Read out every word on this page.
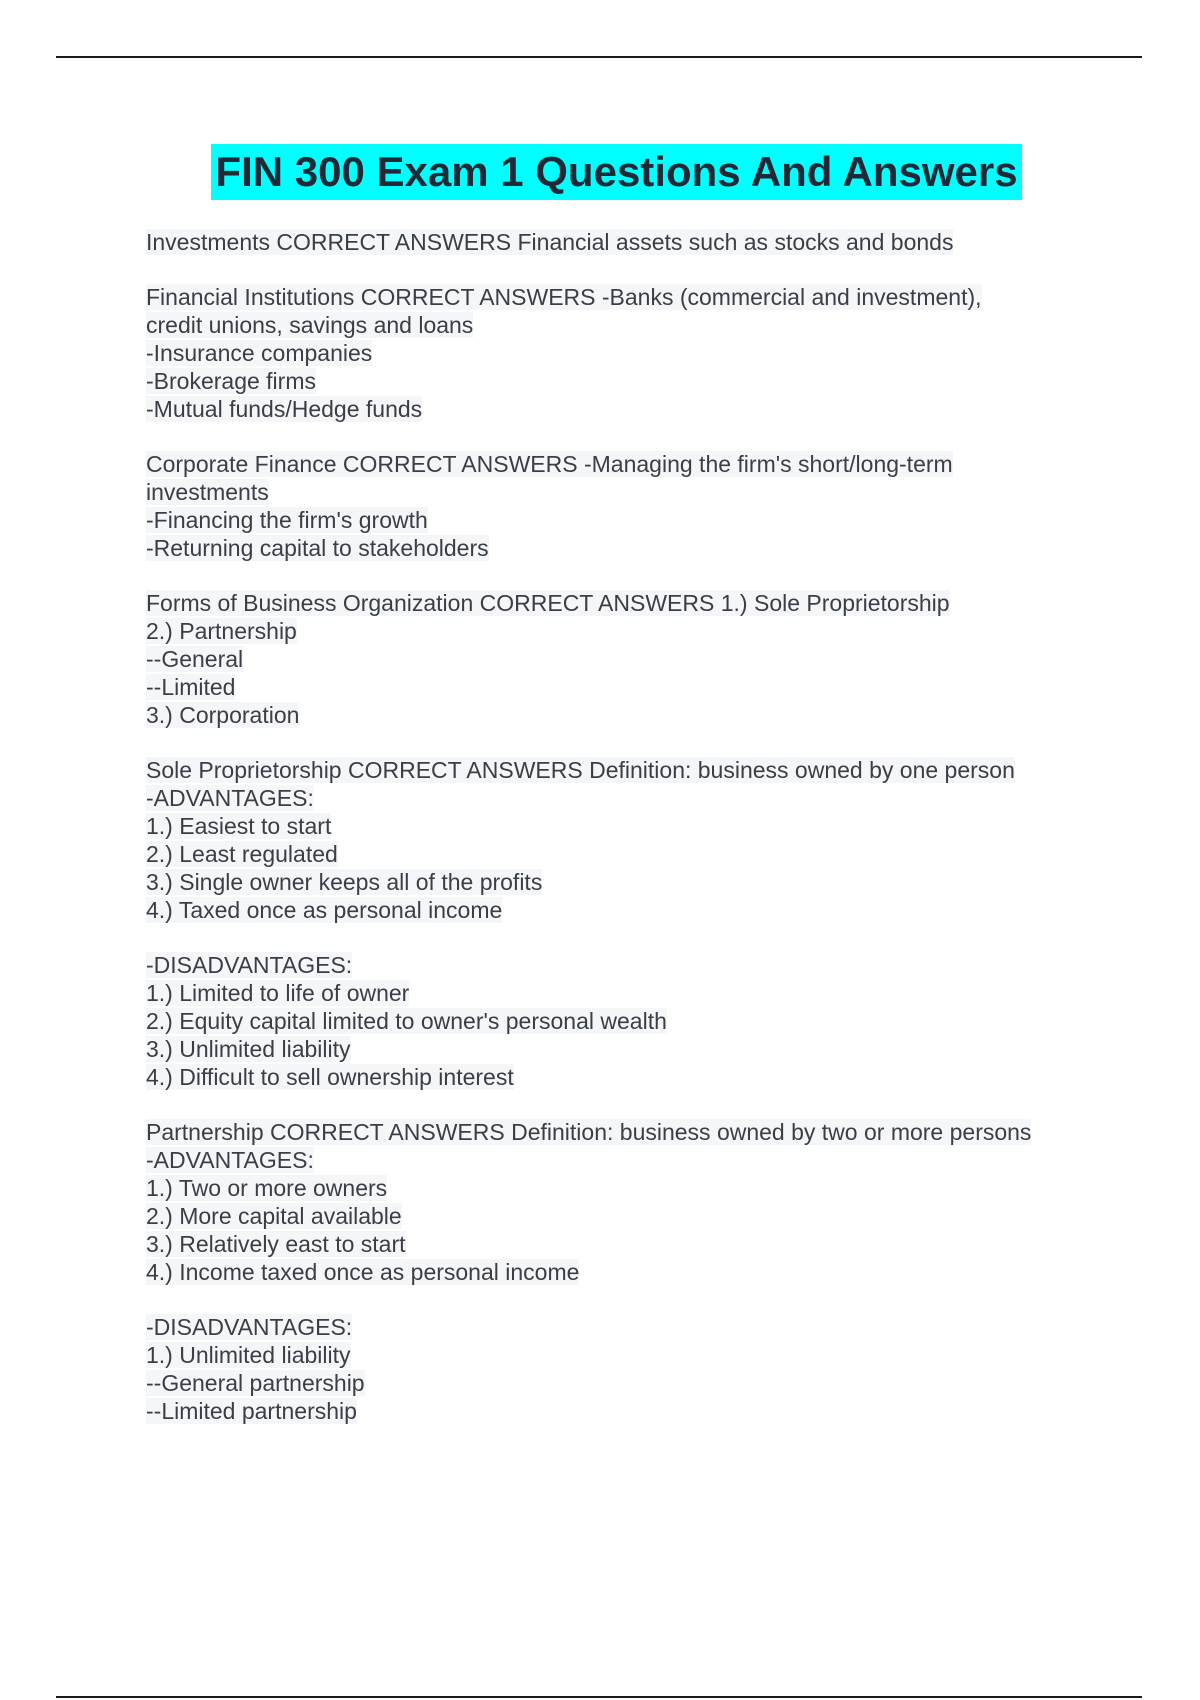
FIN 300 Exam 1 Questions And Answers
Investments CORRECT ANSWERS Financial assets such as stocks and bonds
Financial Institutions CORRECT ANSWERS -Banks (commercial and investment),
credit unions, savings and loans
-Insurance companies
-Brokerage firms
-Mutual funds/Hedge funds
Corporate Finance CORRECT ANSWERS -Managing the firm's short/long-term
investments
-Financing the firm's growth
-Returning capital to stakeholders
Forms of Business Organization CORRECT ANSWERS 1.) Sole Proprietorship
2.) Partnership
--General
--Limited
3.) Corporation
Sole Proprietorship CORRECT ANSWERS Definition: business owned by one person
-ADVANTAGES:
1.) Easiest to start
2.) Least regulated
3.) Single owner keeps all of the profits
4.) Taxed once as personal income
-DISADVANTAGES:
1.) Limited to life of owner
2.) Equity capital limited to owner's personal wealth
3.) Unlimited liability
4.) Difficult to sell ownership interest
Partnership CORRECT ANSWERS Definition: business owned by two or more persons
-ADVANTAGES:
1.) Two or more owners
2.) More capital available
3.) Relatively east to start
4.) Income taxed once as personal income
-DISADVANTAGES:
1.) Unlimited liability
--General partnership
--Limited partnership
